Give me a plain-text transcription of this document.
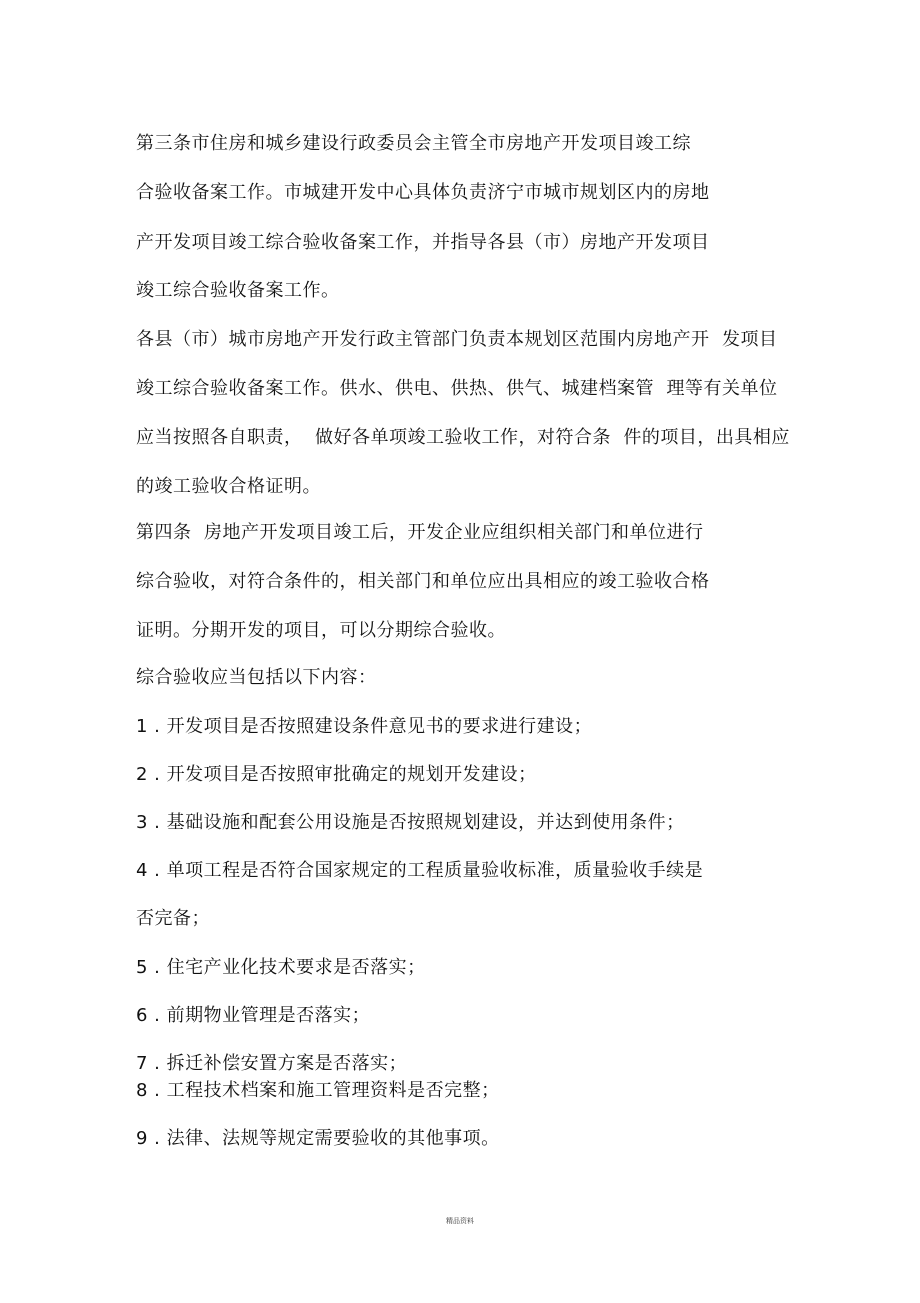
第三条市住房和城乡建设行政委员会主管全市房地产开发项目竣工综
合验收备案工作。市城建开发中心具体负责济宁市城市规划区内的房地
产开发项目竣工综合验收备案工作，并指导各县（市）房地产开发项目
竣工综合验收备案工作。
各县（市）城市房地产开发行政主管部门负责本规划区范围内房地产开  发项目
竣工综合验收备案工作。供水、供电、供热、供气、城建档案管  理等有关单位
应当按照各自职责，  做好各单项竣工验收工作，对符合条  件的项目，出具相应
的竣工验收合格证明。
第四条  房地产开发项目竣工后，开发企业应组织相关部门和单位进行
综合验收，对符合条件的，相关部门和单位应出具相应的竣工验收合格
证明。分期开发的项目，可以分期综合验收。
综合验收应当包括以下内容：
1 . 开发项目是否按照建设条件意见书的要求进行建设；
2 . 开发项目是否按照审批确定的规划开发建设；
3 . 基础设施和配套公用设施是否按照规划建设，并达到使用条件；
4 . 单项工程是否符合国家规定的工程质量验收标准，质量验收手续是
否完备；
5 . 住宅产业化技术要求是否落实；
6 . 前期物业管理是否落实；
7 . 拆迁补偿安置方案是否落实；
8 . 工程技术档案和施工管理资料是否完整；
9 . 法律、法规等规定需要验收的其他事项。
精品资料
